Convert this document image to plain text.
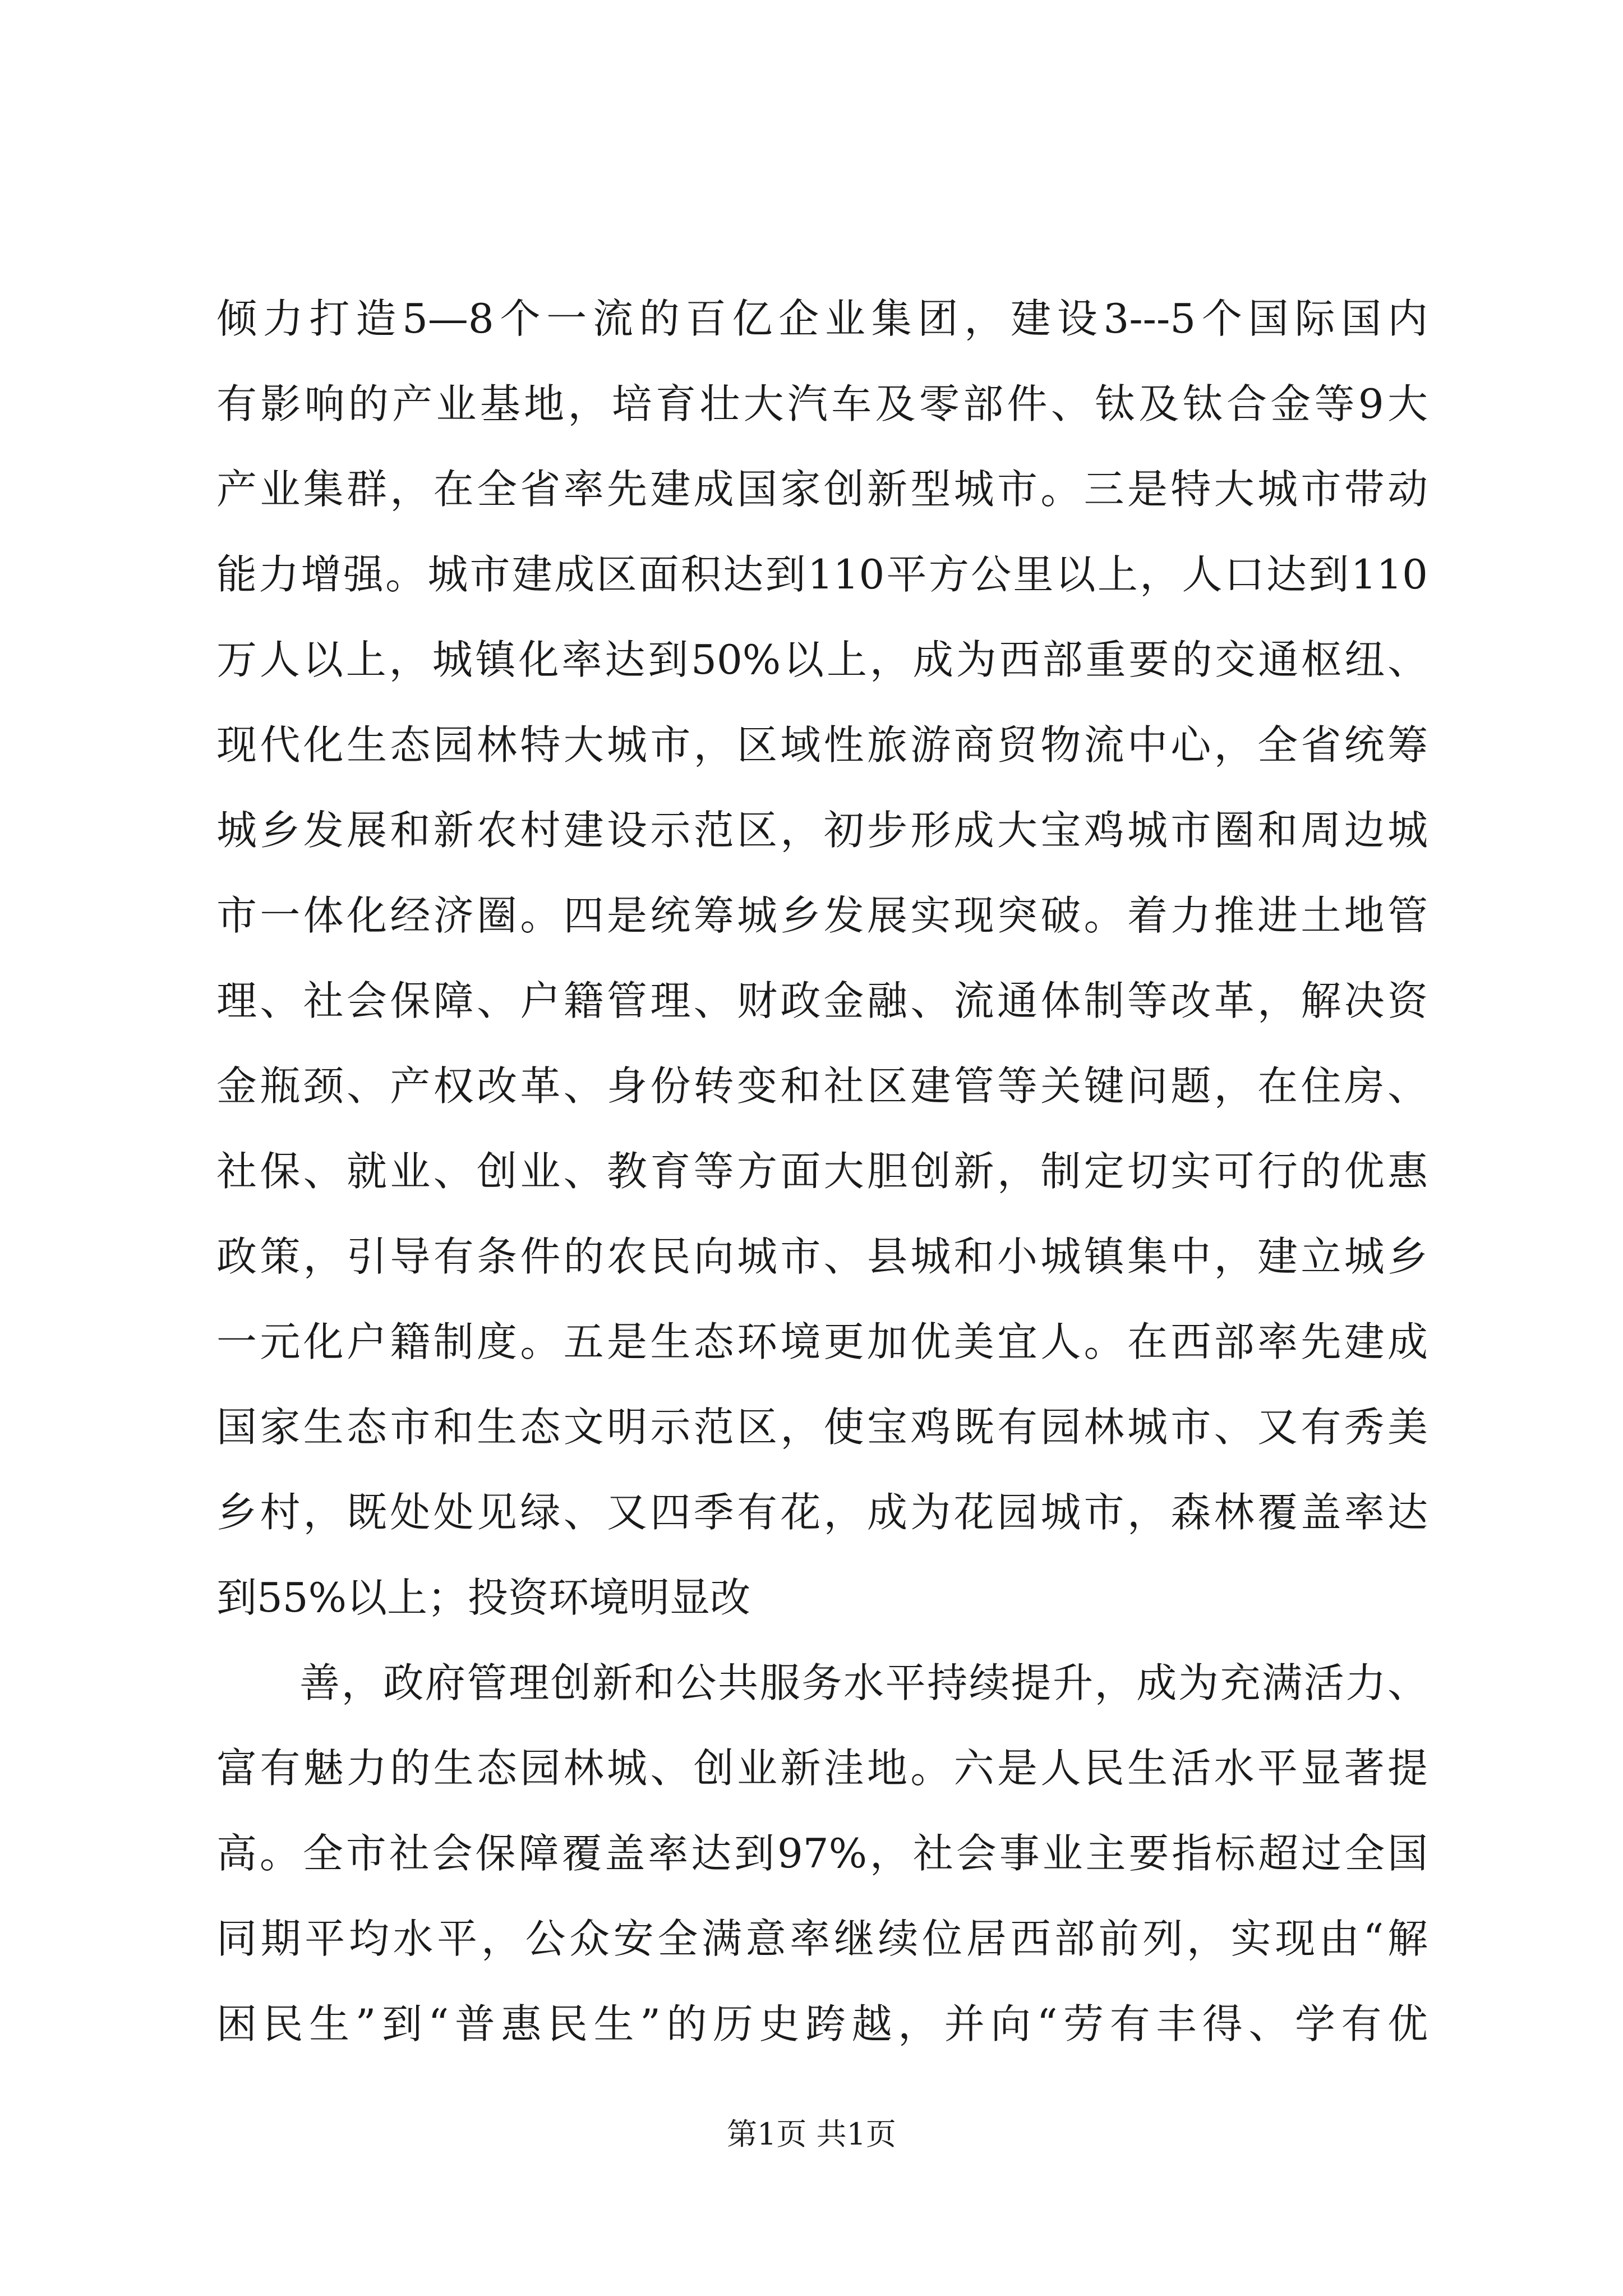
倾力打造5—8个一流的百亿企业集团，建设3---5个国际国内
有影响的产业基地，培育壮大汽车及零部件、钛及钛合金等9大
产业集群，在全省率先建成国家创新型城市。三是特大城市带动
能力增强。城市建成区面积达到110平方公里以上，人口达到110
万人以上，城镇化率达到50%以上，成为西部重要的交通枢纽、
现代化生态园林特大城市，区域性旅游商贸物流中心，全省统筹
城乡发展和新农村建设示范区，初步形成大宝鸡城市圈和周边城
市一体化经济圈。四是统筹城乡发展实现突破。着力推进土地管
理、社会保障、户籍管理、财政金融、流通体制等改革，解决资
金瓶颈、产权改革、身份转变和社区建管等关键问题，在住房、
社保、就业、创业、教育等方面大胆创新，制定切实可行的优惠
政策，引导有条件的农民向城市、县城和小城镇集中，建立城乡
一元化户籍制度。五是生态环境更加优美宜人。在西部率先建成
国家生态市和生态文明示范区，使宝鸡既有园林城市、又有秀美
乡村，既处处见绿、又四季有花，成为花园城市，森林覆盖率达
到55%以上；投资环境明显改
善，政府管理创新和公共服务水平持续提升，成为充满活力、
富有魅力的生态园林城、创业新洼地。六是人民生活水平显著提
高。全市社会保障覆盖率达到97%，社会事业主要指标超过全国
同期平均水平，公众安全满意率继续位居西部前列，实现由“解
困民生”到“普惠民生”的历史跨越，并向“劳有丰得、学有优
第1页 共1页
